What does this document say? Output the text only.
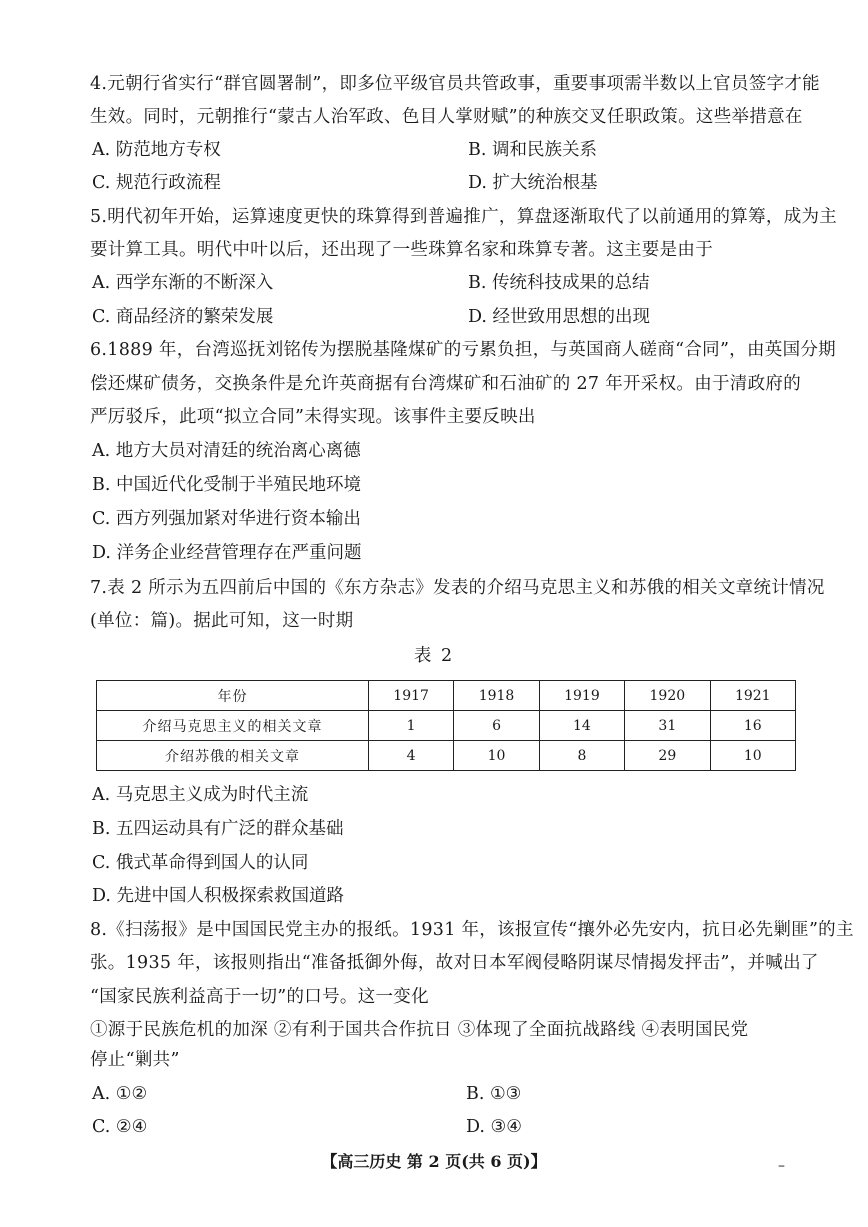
4.元朝行省实行“群官圆署制”，即多位平级官员共管政事，重要事项需半数以上官员签字才能
生效。同时，元朝推行“蒙古人治军政、色目人掌财赋”的种族交叉任职政策。这些举措意在
A. 防范地方专权	B. 调和民族关系
C. 规范行政流程	D. 扩大统治根基
5.明代初年开始，运算速度更快的珠算得到普遍推广，算盘逐渐取代了以前通用的算筹，成为主
要计算工具。明代中叶以后，还出现了一些珠算名家和珠算专著。这主要是由于
A. 西学东渐的不断深入	B. 传统科技成果的总结
C. 商品经济的繁荣发展	D. 经世致用思想的出现
6.1889 年，台湾巡抚刘铭传为摆脱基隆煤矿的亏累负担，与英国商人磋商“合同”，由英国分期
偿还煤矿债务，交换条件是允许英商据有台湾煤矿和石油矿的 27 年开采权。由于清政府的
严厉驳斥，此项“拟立合同”未得实现。该事件主要反映出
A. 地方大员对清廷的统治离心离德
B. 中国近代化受制于半殖民地环境
C. 西方列强加紧对华进行资本输出
D. 洋务企业经营管理存在严重问题
7.表 2 所示为五四前后中国的《东方杂志》发表的介绍马克思主义和苏俄的相关文章统计情况
(单位：篇)。据此可知，这一时期
表 2
年份	1917	1918	1919	1920	1921
介绍马克思主义的相关文章	1	6	14	31	16
介绍苏俄的相关文章	4	10	8	29	10
A. 马克思主义成为时代主流
B. 五四运动具有广泛的群众基础
C. 俄式革命得到国人的认同
D. 先进中国人积极探索救国道路
8.《扫荡报》是中国国民党主办的报纸。1931 年，该报宣传“攘外必先安内，抗日必先剿匪”的主
张。1935 年，该报则指出“准备抵御外侮，故对日本军阀侵略阴谋尽情揭发抨击”，并喊出了
“国家民族利益高于一切”的口号。这一变化
①源于民族危机的加深 ②有利于国共合作抗日 ③体现了全面抗战路线 ④表明国民党
停止“剿共”
A. ①②	B. ①③
C. ②④	D. ③④
【高三历史 第 2 页(共 6 页)】	–
